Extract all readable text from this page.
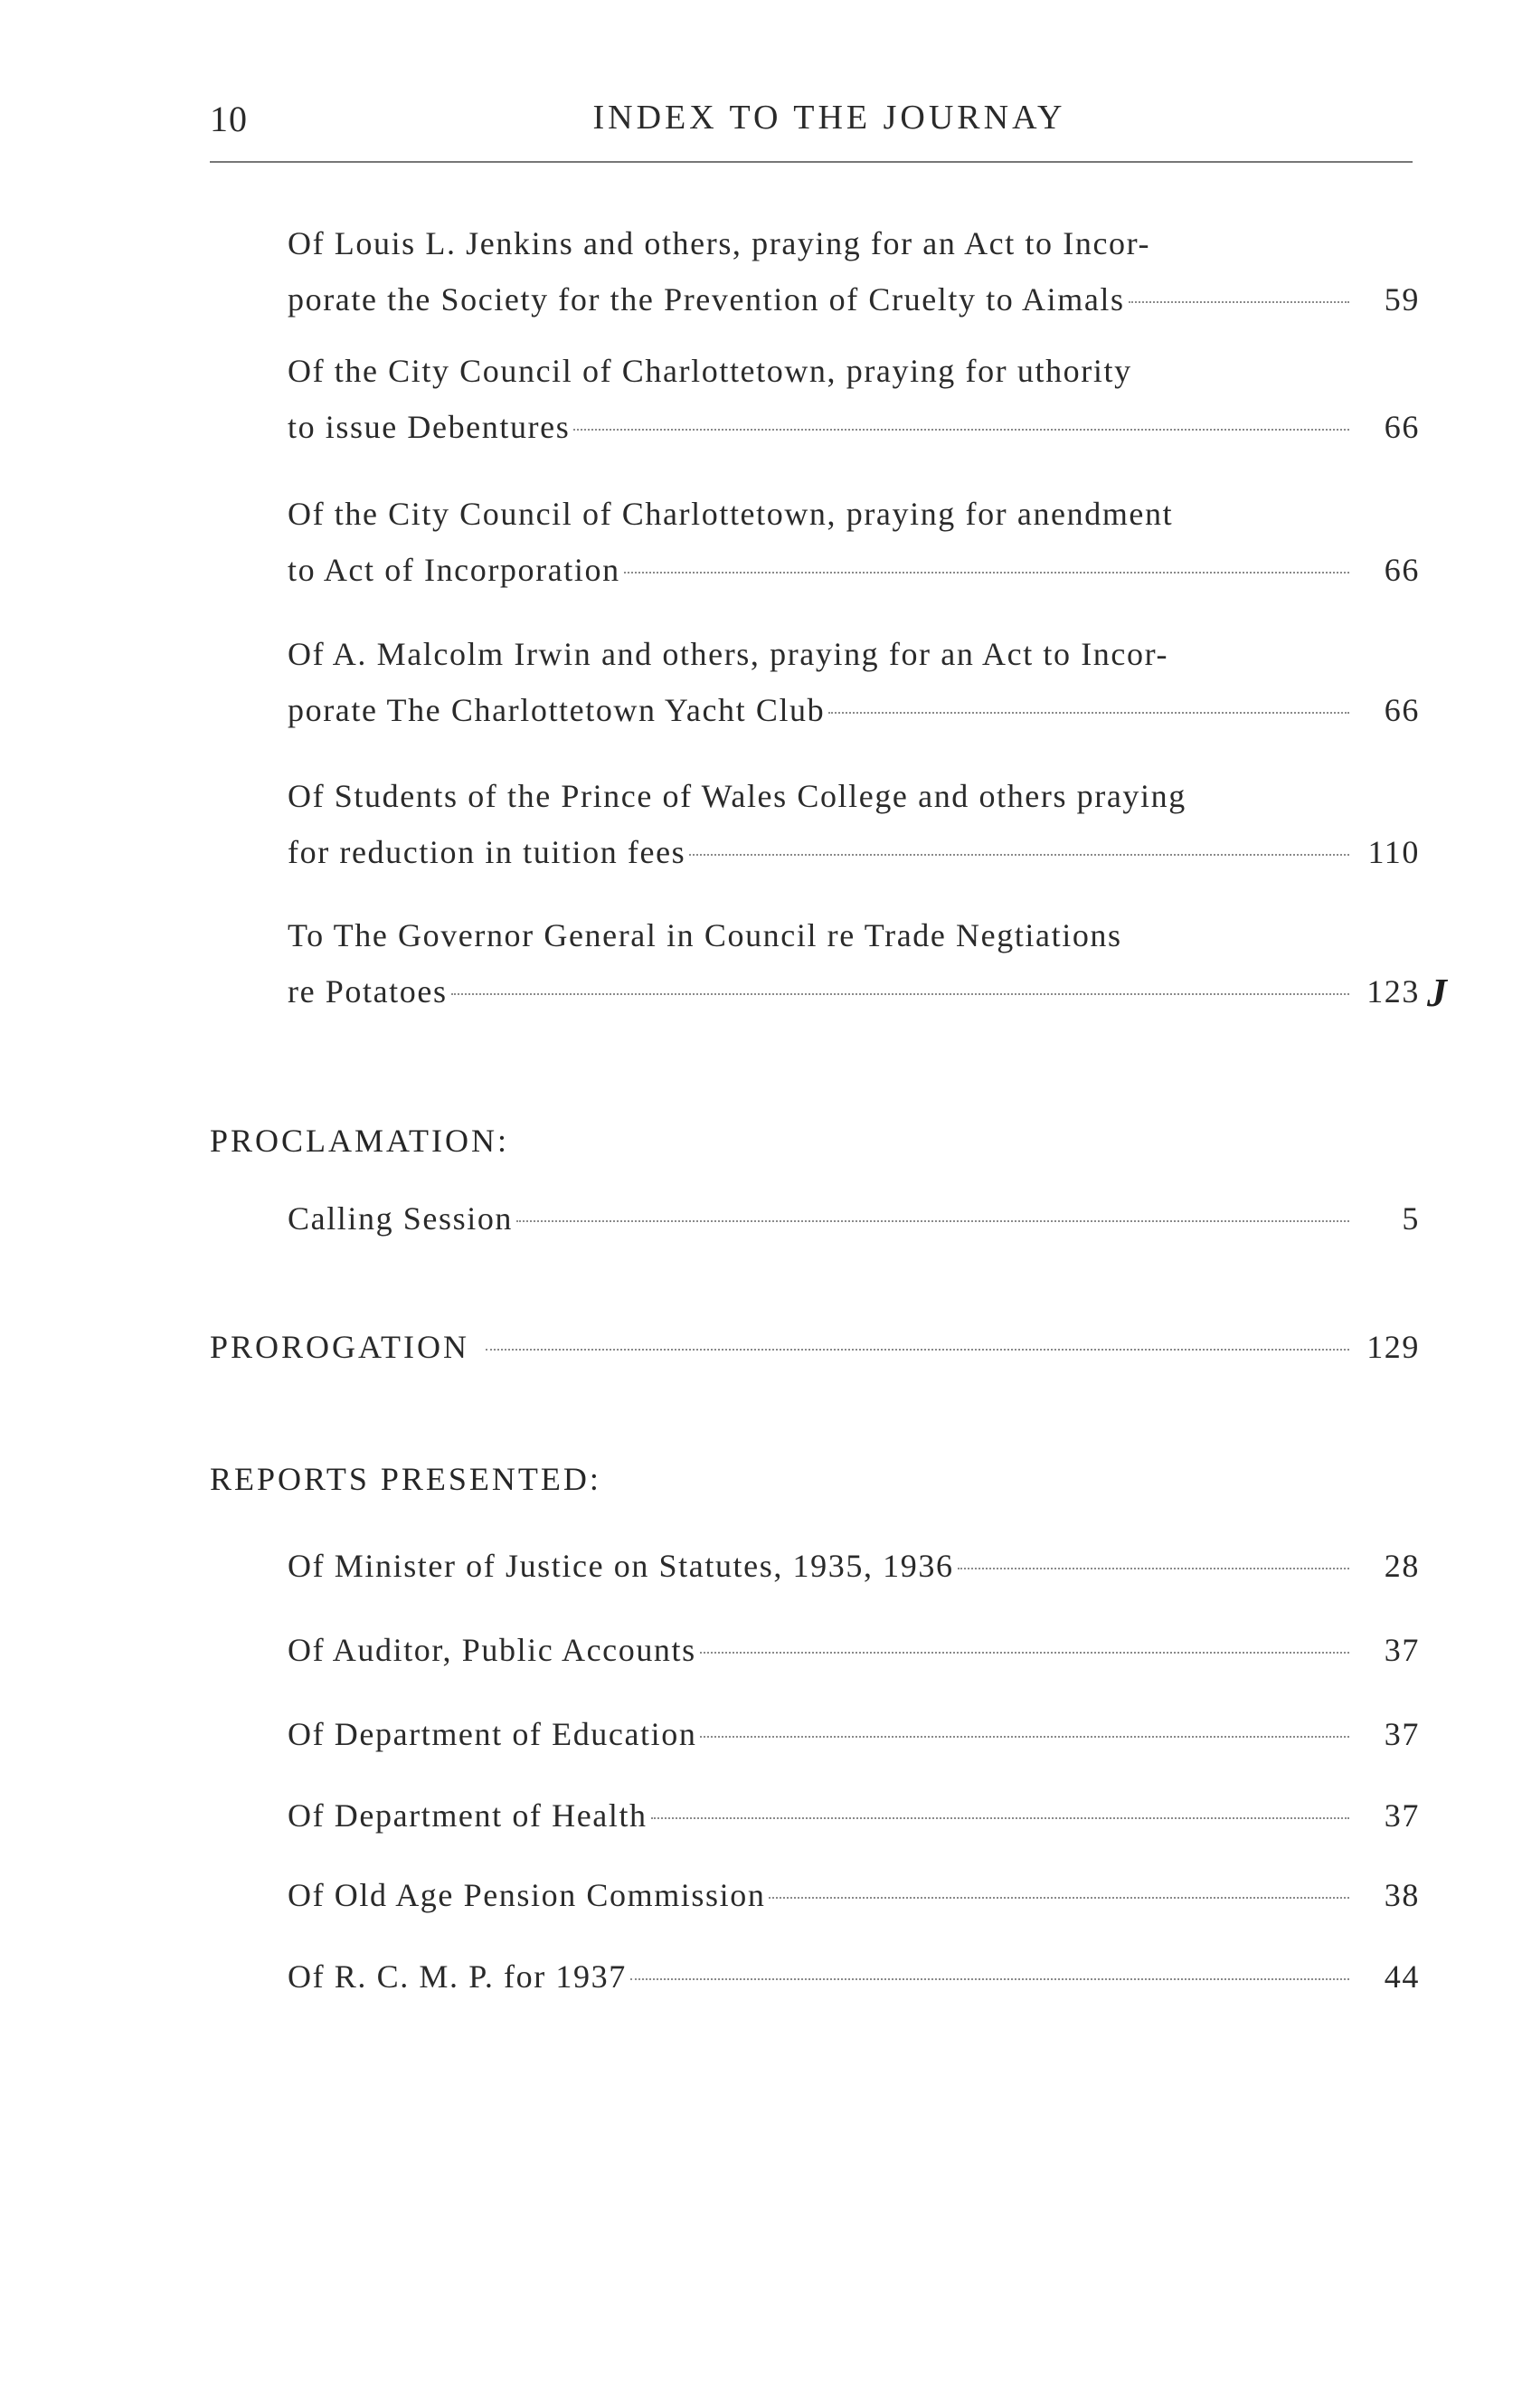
10	INDEX TO THE JOURNAY
Of Louis L. Jenkins and others, praying for an Act to Incor-
porate the Society for the Prevention of Cruelty to Aimals	59
Of the City Council of Charlottetown, praying for uthority
to issue Debentures	66
Of the City Council of Charlottetown, praying for anendment
to Act of Incorporation	66
Of A. Malcolm Irwin and others, praying for an Act to Incor-
porate The Charlottetown Yacht Club	66
Of Students of the Prince of Wales College and others praying
for reduction in tuition fees	110
To The Governor General in Council re Trade Negtiations
re Potatoes	123 J
PROCLAMATION:
Calling Session	5
PROROGATION	129
REPORTS PRESENTED:
Of Minister of Justice on Statutes, 1935, 1936	28
Of Auditor, Public Accounts	37
Of Department of Education	37
Of Department of Health	37
Of Old Age Pension Commission	38
Of R. C. M. P. for 1937	44
